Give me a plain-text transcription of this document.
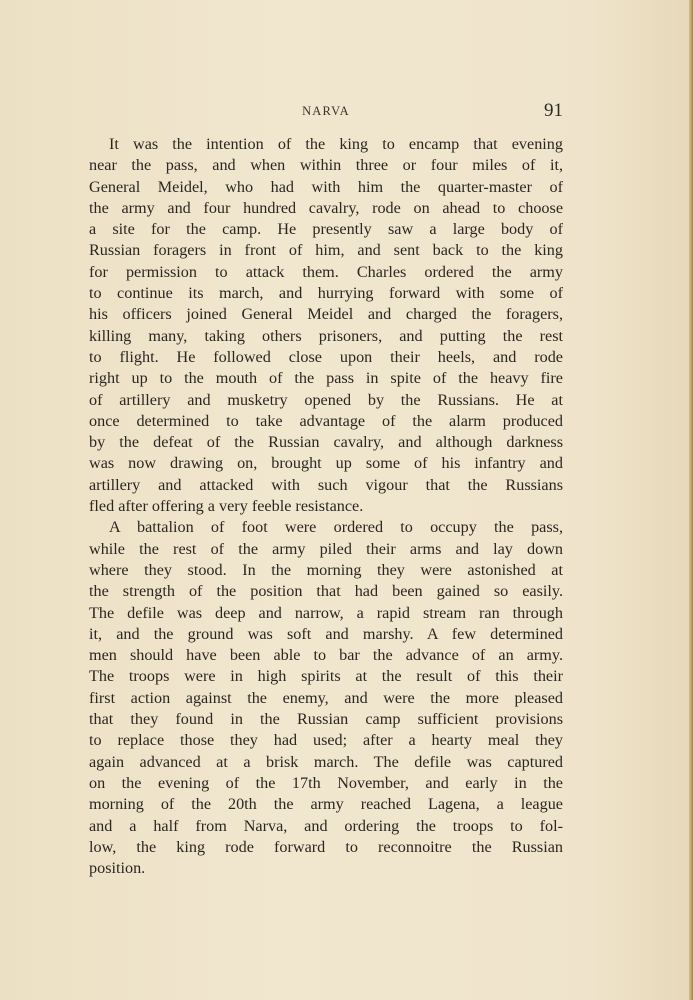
NARVA	91
It was the intention of the king to encamp that evening
near the pass, and when within three or four miles of it,
General Meidel, who had with him the quarter-master of
the army and four hundred cavalry, rode on ahead to choose
a site for the camp. He presently saw a large body of
Russian foragers in front of him, and sent back to the king
for permission to attack them. Charles ordered the army
to continue its march, and hurrying forward with some of
his officers joined General Meidel and charged the foragers,
killing many, taking others prisoners, and putting the rest
to flight. He followed close upon their heels, and rode
right up to the mouth of the pass in spite of the heavy fire
of artillery and musketry opened by the Russians. He at
once determined to take advantage of the alarm produced
by the defeat of the Russian cavalry, and although darkness
was now drawing on, brought up some of his infantry and
artillery and attacked with such vigour that the Russians
fled after offering a very feeble resistance.
A battalion of foot were ordered to occupy the pass,
while the rest of the army piled their arms and lay down
where they stood. In the morning they were astonished at
the strength of the position that had been gained so easily.
The defile was deep and narrow, a rapid stream ran through
it, and the ground was soft and marshy. A few determined
men should have been able to bar the advance of an army.
The troops were in high spirits at the result of this their
first action against the enemy, and were the more pleased
that they found in the Russian camp sufficient provisions
to replace those they had used; after a hearty meal they
again advanced at a brisk march. The defile was captured
on the evening of the 17th November, and early in the
morning of the 20th the army reached Lagena, a league
and a half from Narva, and ordering the troops to fol-
low, the king rode forward to reconnoitre the Russian
position.
